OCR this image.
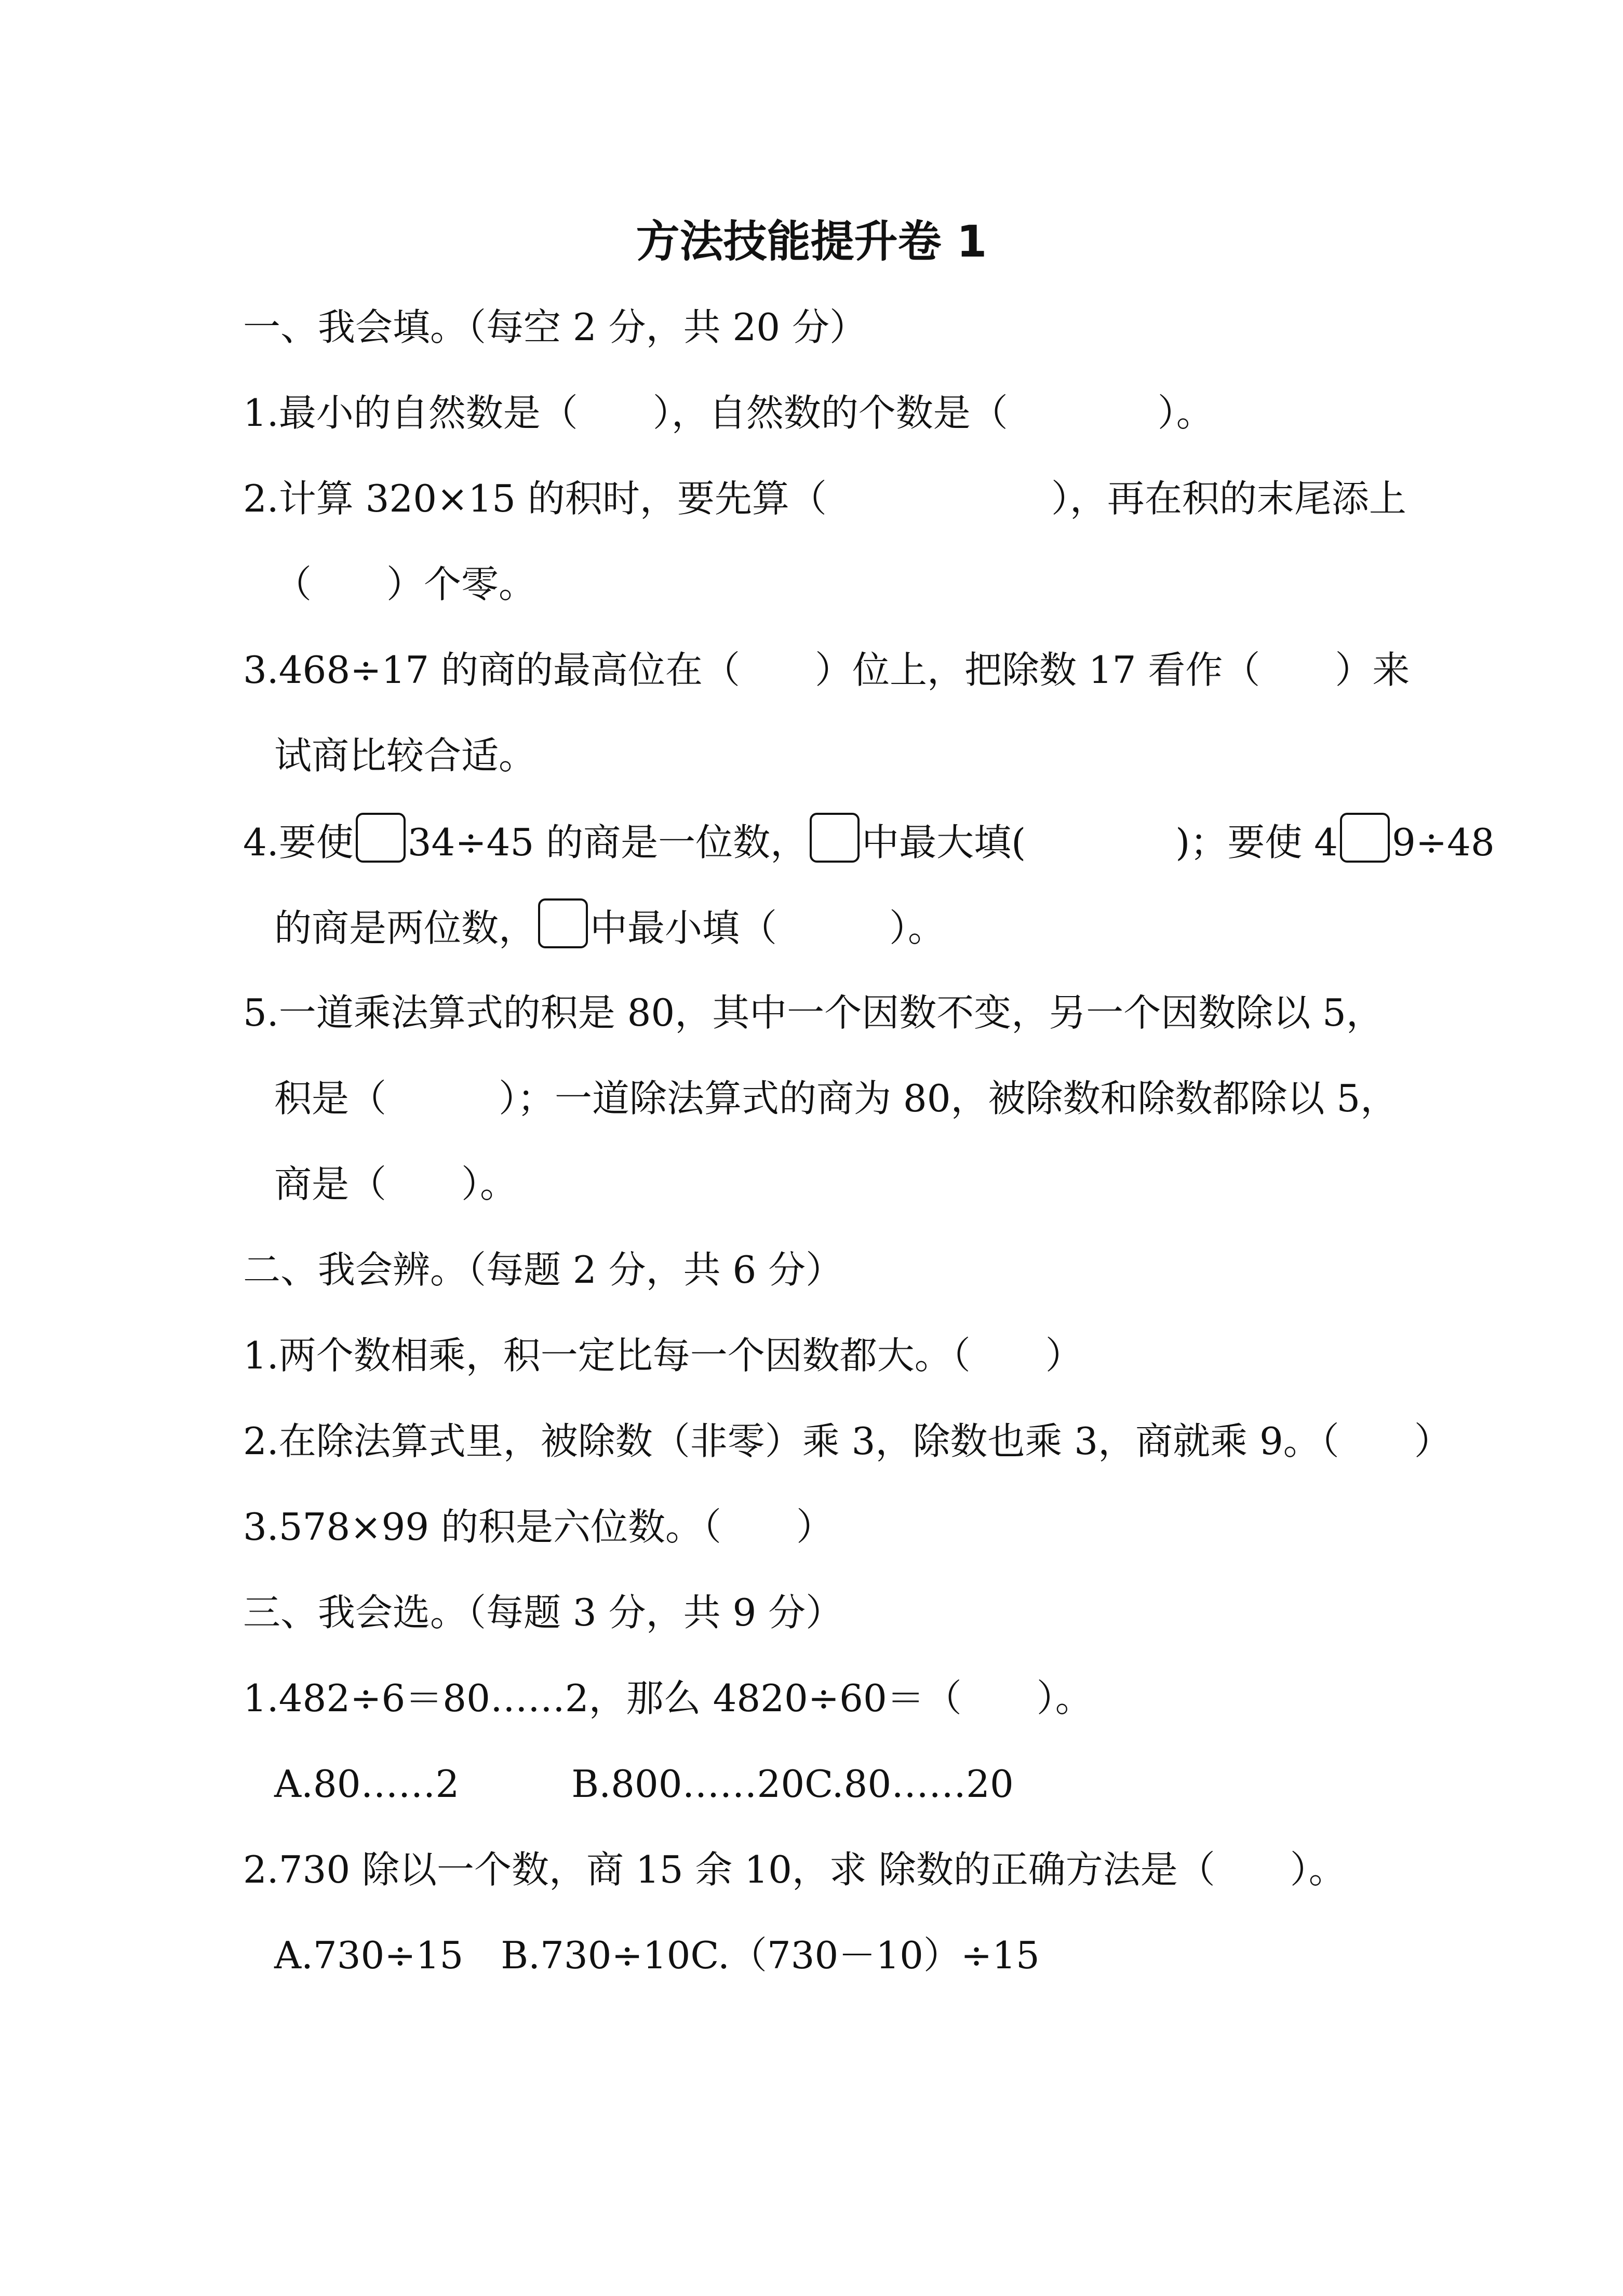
方法技能提升卷 1
一、我会填。（每空 2 分，共 20 分）
1.最小的自然数是（　　），自然数的个数是（　　　　）。
2.计算 320×15 的积时，要先算（　　　　　　），再在积的末尾添上
（　　）个零。
3.468÷17 的商的最高位在（　　）位上，把除数 17 看作（　　）来
试商比较合适。
4.要使 34÷45 的商是一位数， 中最大填(　　　　)；要使 4 9÷48
的商是两位数， 中最小填（　　　）。
5.一道乘法算式的积是 80，其中一个因数不变，另一个因数除以 5，
积是（　　　）；一道除法算式的商为 80，被除数和除数都除以 5，
商是（　　）。
二、我会辨。（每题 2 分，共 6 分）
1.两个数相乘，积一定比每一个因数都大。（　　）
2.在除法算式里，被除数（非零）乘 3，除数也乘 3，商就乘 9。（　　）
3.578×99 的积是六位数。（　　）
三、我会选。（每题 3 分，共 9 分）
1.482÷6＝80……2，那么 4820÷60＝（　　）。
A.80……2　　　B.800……20C.80……20
2.730 除以一个数，商 15 余 10，求 除数的正确方法是（　　）。
A.730÷15　B.730÷10C.（730－10）÷15
